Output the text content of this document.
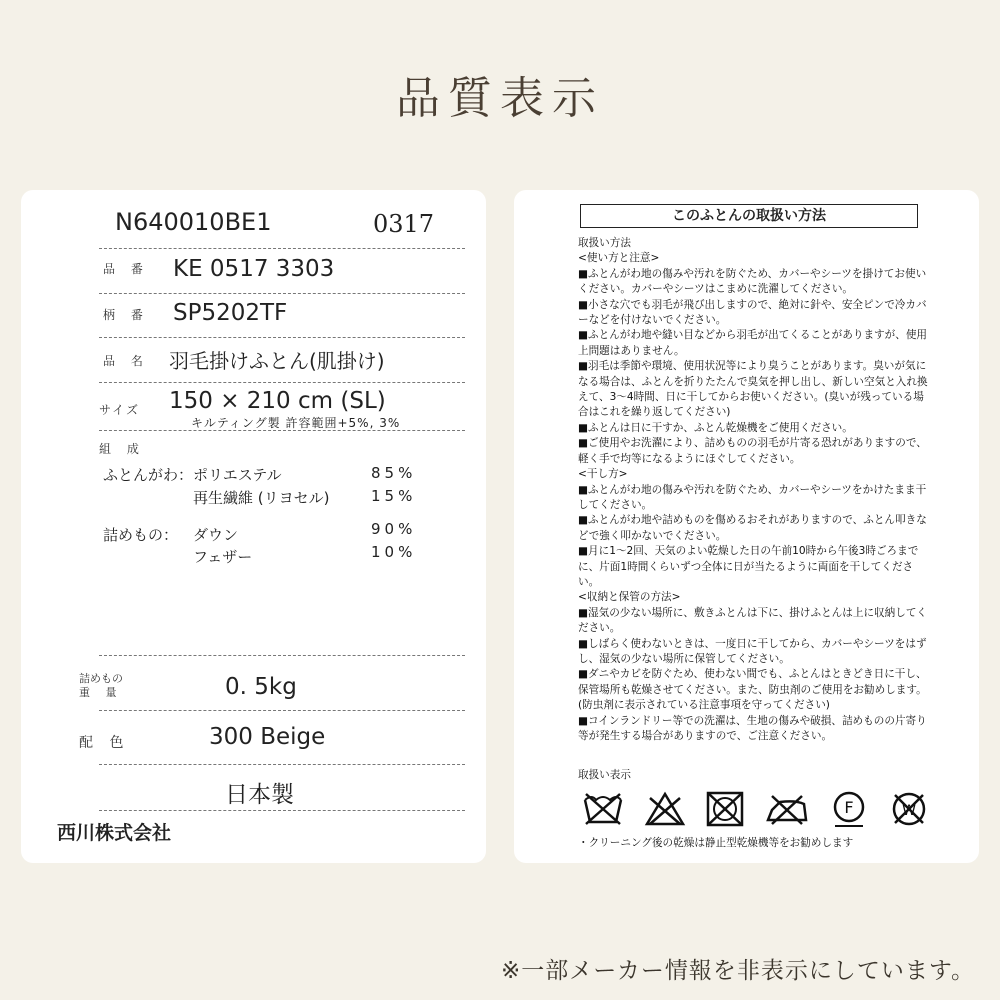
品質表示
N640010BE1	0317
品 番 KE 0517 3303
柄 番 SP5202TF
品 名 羽毛掛けふとん(肌掛け)
サイズ 150 × 210 cm (SL)
キルティング製 許容範囲+5%, 3%
組 成
ふとんがわ： ポリエステル	85%
再生繊維 (リヨセル)	15%
詰めもの： ダウン	90%
フェザー	10%
詰めもの
重 量	0. 5kg
配 色	300 Beige
日本製
西川株式会社
このふとんの取扱い方法

取扱い方法

<使い方と注意>

■ふとんがわ地の傷みや汚れを防ぐため、カバーやシーツを掛けてお使いください。カバーやシーツはこまめに洗濯してください。

■小さな穴でも羽毛が飛び出しますので、絶対に針や、安全ピンで冷カバーなどを付けないでください。

■ふとんがわ地や縫い目などから羽毛が出てくることがありますが、使用上問題はありません。

■羽毛は季節や環境、使用状況等により臭うことがあります。臭いが気になる場合は、ふとんを折りたたんで臭気を押し出し、新しい空気と入れ換えて、3～4時間、日に干してからお使いください。(臭いが残っている場合はこれを繰り返してください)

■ふとんは日に干すか、ふとん乾燥機をご使用ください。

■ご使用やお洗濯により、詰めものの羽毛が片寄る恐れがありますので、軽く手で均等になるようにほぐしてください。

<干し方>

■ふとんがわ地の傷みや汚れを防ぐため、カバーやシーツをかけたまま干してください。

■ふとんがわ地や詰めものを傷めるおそれがありますので、ふとん叩きなどで強く叩かないでください。

■月に1～2回、天気のよい乾燥した日の午前10時から午後3時ごろまでに、片面1時間くらいずつ全体に日が当たるように両面を干してください。

<収納と保管の方法>

■湿気の少ない場所に、敷きふとんは下に、掛けふとんは上に収納してください。

■しばらく使わないときは、一度日に干してから、カバーやシーツをはずし、湿気の少ない場所に保管してください。

■ダニやカビを防ぐため、使わない間でも、ふとんはときどき日に干し、保管場所も乾燥させてください。また、防虫剤のご使用をお勧めします。(防虫剤に表示されている注意事項を守ってください)

■コインランドリー等での洗濯は、生地の傷みや破損、詰めものの片寄り等が発生する場合がありますので、ご注意ください。

取扱い表示
F	W
・クリーニング後の乾燥は静止型乾燥機等をお勧めします
※一部メーカー情報を非表示にしています。
